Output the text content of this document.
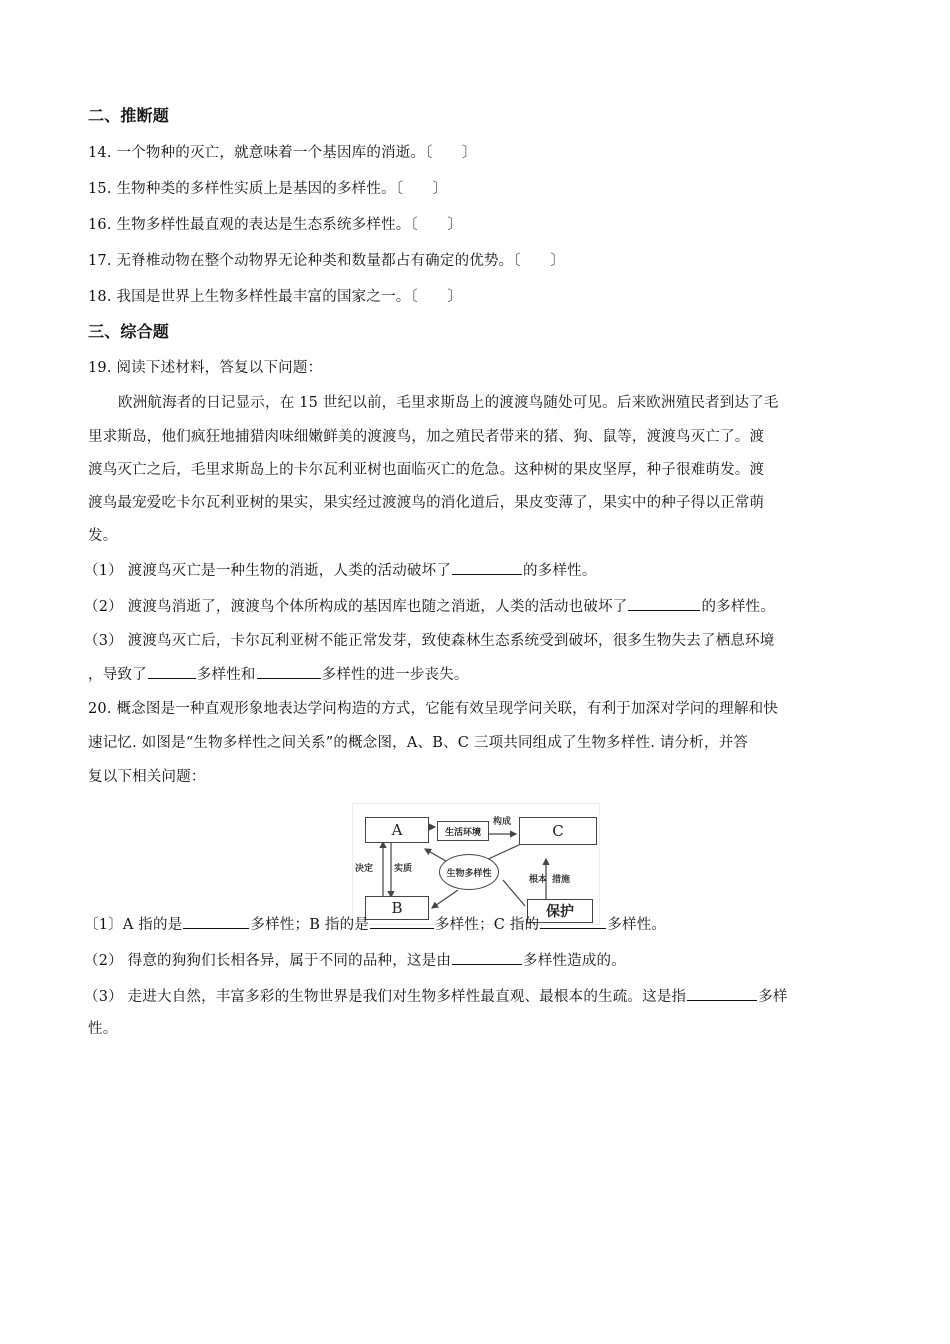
二、推断题
14. 一个物种的灭亡，就意味着一个基因库的消逝。〔　　〕
15. 生物种类的多样性实质上是基因的多样性。〔　　〕
16. 生物多样性最直观的表达是生态系统多样性。〔　　〕
17. 无脊椎动物在整个动物界无论种类和数量都占有确定的优势。〔　　〕
18. 我国是世界上生物多样性最丰富的国家之一。〔　　〕
三、综合题
19. 阅读下述材料，答复以下问题：
欧洲航海者的日记显示，在 15 世纪以前，毛里求斯岛上的渡渡鸟随处可见。后来欧洲殖民者到达了毛
里求斯岛，他们疯狂地捕猎肉味细嫩鲜美的渡渡鸟，加之殖民者带来的猪、狗、鼠等，渡渡鸟灭亡了。渡
渡鸟灭亡之后，毛里求斯岛上的卡尔瓦利亚树也面临灭亡的危急。这种树的果皮坚厚，种子很难萌发。渡
渡鸟最宠爱吃卡尔瓦利亚树的果实，果实经过渡渡鸟的消化道后，果皮变薄了，果实中的种子得以正常萌
发。
（1） 渡渡鸟灭亡是一种生物的消逝，人类的活动破坏了	的多样性。
（2） 渡渡鸟消逝了，渡渡鸟个体所构成的基因库也随之消逝，人类的活动也破坏了	的多样性。
（3） 渡渡鸟灭亡后，卡尔瓦利亚树不能正常发芽，致使森林生态系统受到破坏，很多生物失去了栖息环境
，导致了	多样性和	多样性的进一步丧失。
20. 概念图是一种直观形象地表达学问构造的方式，它能有效呈现学问关联，有利于加深对学问的理解和快
速记忆. 如图是“生物多样性之间关系”的概念图，A、B、C 三项共同组成了生物多样性. 请分析，并答
复以下相关问题：
A	生活环境
构成	C
决定 实质	生物多样性
根本 措施
B	保护
〔1〕A 指的是	多样性；B 指的是	多样性；C 指的	多样性。
（2） 得意的狗狗们长相各异，属于不同的品种，这是由	多样性造成的。
（3） 走进大自然，丰富多彩的生物世界是我们对生物多样性最直观、最根本的生疏。这是指	多样
性。
